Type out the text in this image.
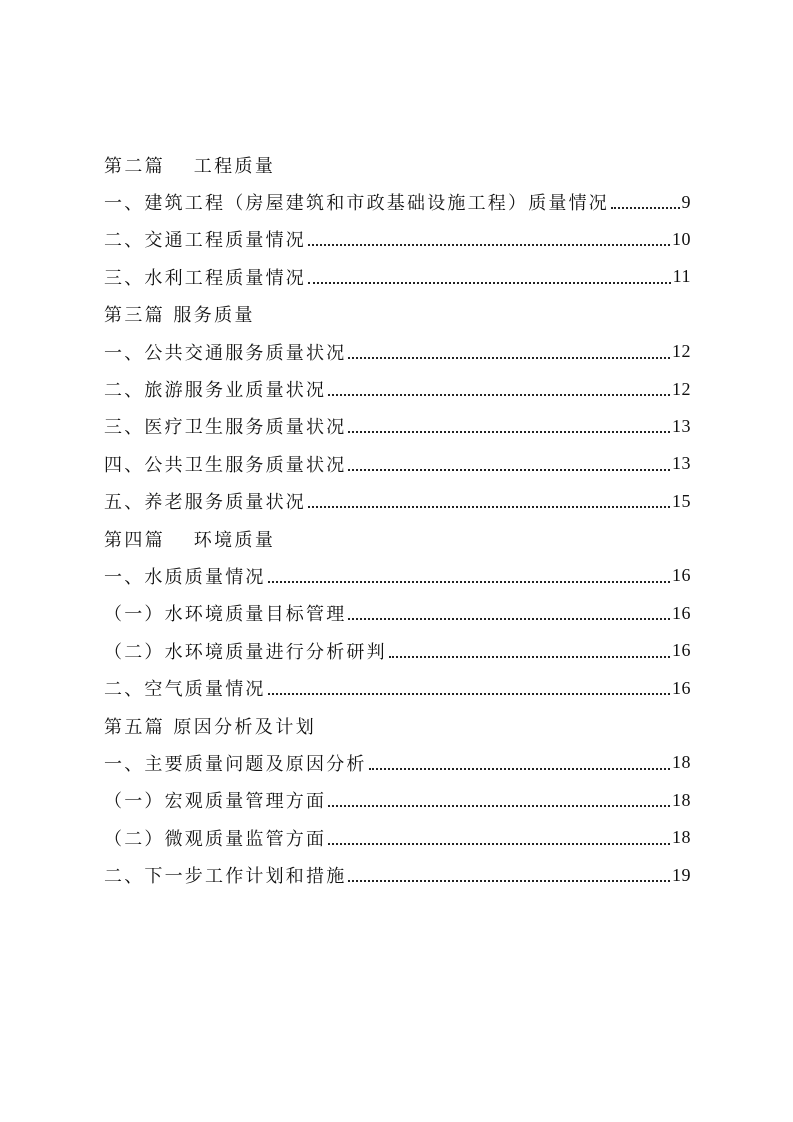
第二篇　 工程质量
一、建筑工程（房屋建筑和市政基础设施工程）质量情况	9
二、交通工程质量情况	10
三、水利工程质量情况	11
第三篇 服务质量
一、公共交通服务质量状况	12
二、旅游服务业质量状况	12
三、医疗卫生服务质量状况	13
四、公共卫生服务质量状况	13
五、养老服务质量状况	15
第四篇　 环境质量
一、水质质量情况	16
（一）水环境质量目标管理	16
（二）水环境质量进行分析研判	16
二、空气质量情况	16
第五篇 原因分析及计划
一、主要质量问题及原因分析	18
（一）宏观质量管理方面	18
（二）微观质量监管方面	18
二、下一步工作计划和措施	19
